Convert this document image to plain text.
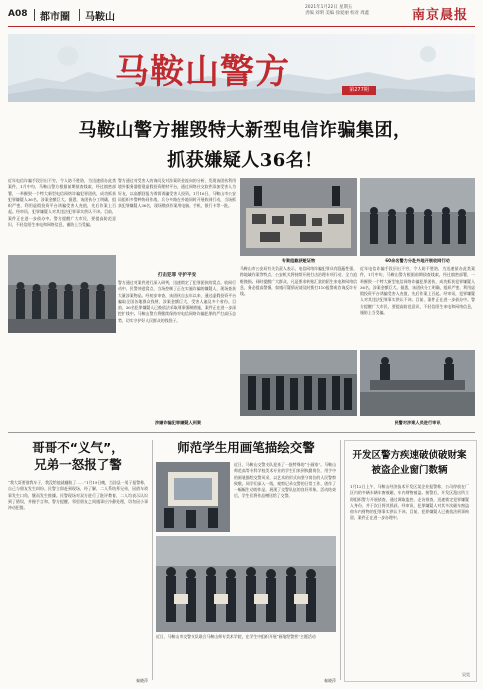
A08 都市圈 马鞍山
2021年1月22日 星期五
责编 刘明 美编 徐爱丽 校对 周鑫	南京晨报
马鞍山警方	第277期
马鞍山警方摧毁特大新型电信诈骗集团，
抓获嫌疑人36名！
近年电信诈骗手段层出不穷，令人防不胜防，为迅速侦办此类案件，1月中旬，马鞍山警方根据前期侦查线索，经过缜密部署，一举摧毁一个特大新型电信网络诈骗犯罪团伙，成功抓获犯罪嫌疑人36名，涉案金额巨大。据悉，该团伙分工明确，组织严密，利用虚假投资平台诱骗受害人充值，先后作案上百起。经审讯，犯罪嫌疑人对其违法犯罪事实供认不讳。目前，案件正在进一步侦办中。警方提醒广大市民，要提高防范意识，不轻信陌生来电和网络信息，谨防上当受骗。
警方通过对受害人的询问及对涉案资金流向的分析，发现该团伙利用境外服务器搭建虚假投资理财平台，通过网络社交软件添加受害人为好友，以高额回报为诱饵诱骗受害人投资。1月16日，马鞍山市公安局组织多警种协同作战，兵分多路在外地同时开展收网行动，当场抓获犯罪嫌疑人36名，现场缴获作案用电脑、手机、银行卡等一批。
打击犯罪 守护平安
警方通过对案件进行深入研判，迅速锁定了犯罪团伙的窝点。收网行动中，民警冲进窝点，当场控制了正在实施诈骗的嫌疑人，现场查获大量涉案物品。经初步审查，该团伙自去年以来，通过虚假投资平台骗取全国各地群众钱财，涉案金额巨大，受害人遍及多个省份。目前，36名犯罪嫌疑人已被依法采取刑事强制措施，案件正在进一步深挖扩线中。马鞍山警方将继续保持对电信网络诈骗犯罪的严打高压态势，切实守护好人民群众的钱袋子。
专案组截获赃证物	60余名警力分赴外地开展收网行动
马鞍山市公安局有关负责人表示，电信网络诈骗犯罪具有隐蔽性强、跨地域作案等特点，公安机关将持续开展打击治理专项行动，全力追赃挽损。同时提醒广大群众，凡是要求转账汇款的陌生来电和网络信息，务必提高警惕，如遇可疑情况请及时拨打110报警或咨询反诈专线。
近年电信诈骗手段层出不穷，令人防不胜防，为迅速侦办此类案件，1月中旬，马鞍山警方根据前期侦查线索，经过缜密部署，一举摧毁一个特大新型电信网络诈骗犯罪团伙，成功抓获犯罪嫌疑人36名，涉案金额巨大。据悉，该团伙分工明确，组织严密，利用虚假投资平台诱骗受害人充值，先后作案上百起。经审讯，犯罪嫌疑人对其违法犯罪事实供认不讳。目前，案件正在进一步侦办中。警方提醒广大市民，要提高防范意识，不轻信陌生来电和网络信息，谨防上当受骗。
涉嫌诈骗犯罪嫌疑人到案	民警对涉案人员进行审讯
哥哥不“义气”，
兄弟一怒报了警
“我大哥要借我车子，我没给他就翻脸了……”1月19日晚，当涂县一男子报警称，自己与朋友发生纠纷。民警立即赶到现场，经了解，二人系结拜兄弟，因借车琐事发生口角，继而发生推搡。民警现场对双方进行了批评教育，二人均表示认识到了错误，并握手言和。警方提醒，邻里朋友之间遇事应冷静处理，切勿因小事冲动犯错。
秦晓萍
师范学生用画笔描绘交警
近日，马鞍山交警支队迎来了一批特殊的“小画家”。马鞍山师范高等专科学校美术专业的学生们来到执勤岗位，用手中的画笔描绘交警风采，以艺术的形式向坚守岗位的人民警察致敬。同学们深入一线，观察记录交警的日常工作，创作了一幅幅生动的作品，展现了交警队伍的良好形象。活动结束后，学生们将作品赠送给了交警。
近日，马鞍山市交警支队联合马鞍山师专美术学院，在学生中组织开展“画笔绘警营”主题活动
秦晓萍
开发区警方疾速破侦破财案
被盗企业窗门数辆
1月12日上午，马鞍山经济技术开发区某企业报警称，公司停放在厂区内的多辆车辆车窗被砸，车内财物被盗。接警后，开发区派出所立即组织警力开展侦查，通过调取监控、走访排查，迅速锁定犯罪嫌疑人身份，并于次日将其抓获。经审讯，犯罪嫌疑人对其多次砸车窗盗窃车内财物的犯罪事实供认不讳。目前，犯罪嫌疑人已被依法刑事拘留，案件正在进一步办理中。
吴昊
